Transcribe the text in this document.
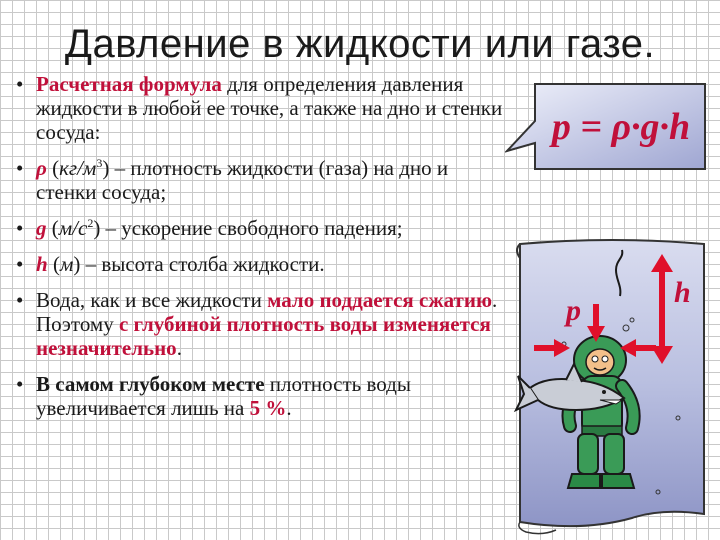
Давление в жидкости или газе.
• Расчетная формула для определения давления жидкости в любой ее точке, а также на дно и стенки сосуда:
• ρ $(кг/м^3)$ – плотность жидкости (газа) на дно и стенки сосуда;
• g $(м/с^2)$ – ускорение свободного падения;
• h (м) – высота столба жидкости.
• Вода, как и все жидкости мало поддается сжатию. Поэтому с глубиной плотность воды изменяется незначительно.
• В самом глубоком месте плотность воды увеличивается лишь на 5 %.
p = ρ·g·h
h
p
